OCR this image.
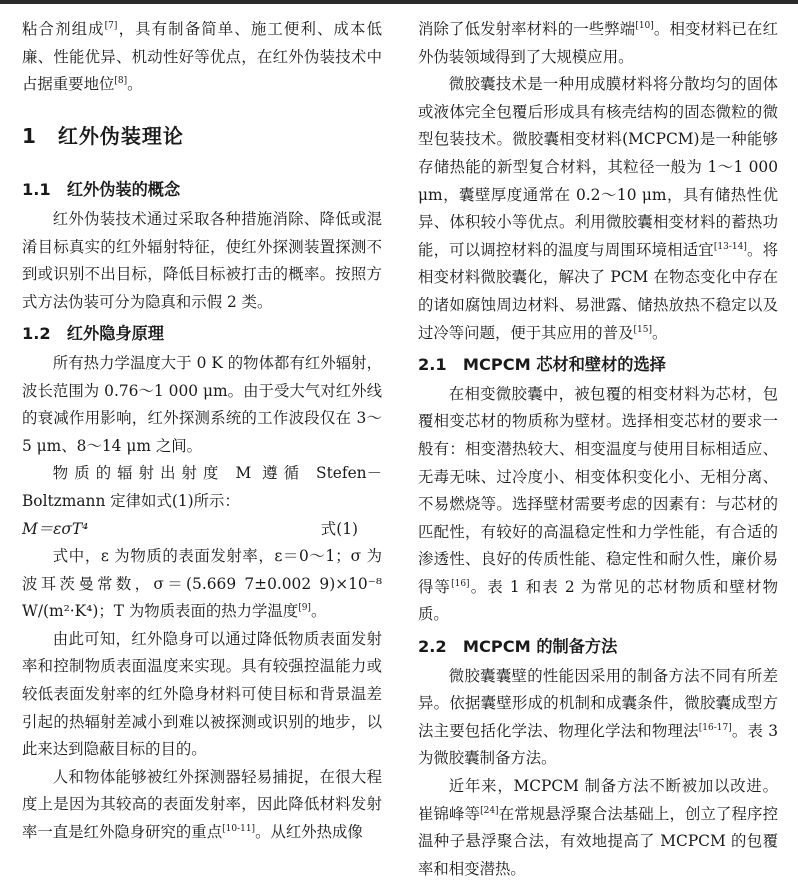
粘合剂组成[7]，具有制备简单、施工便利、成本低廉、性能优异、机动性好等优点，在红外伪装技术中占据重要地位[8]。

1　红外伪装理论
1.1　红外伪装的概念

红外伪装技术通过采取各种措施消除、降低或混淆目标真实的红外辐射特征，使红外探测装置探测不到或识别不出目标，降低目标被打击的概率。按照方式方法伪装可分为隐真和示假 2 类。

1.2　红外隐身原理

所有热力学温度大于 0 K 的物体都有红外辐射，波长范围为 0.76～1 000 μm。由于受大气对红外线的衰减作用影响，红外探测系统的工作波段仅在 3～5 μm、8～14 μm 之间。

物质的辐射出射度 M 遵循 Stefen－Boltzmann 定律如式(1)所示：

M＝εσT⁴	式(1)

式中，ε 为物质的表面发射率，ε＝0～1；σ 为波耳茨曼常数，σ＝(5.669 7±0.002 9)×10⁻⁸ W/(m²·K⁴)；T 为物质表面的热力学温度[9]。

由此可知，红外隐身可以通过降低物质表面发射率和控制物质表面温度来实现。具有较强控温能力或较低表面发射率的红外隐身材料可使目标和背景温差引起的热辐射差减小到难以被探测或识别的地步，以此来达到隐蔽目标的目的。

人和物体能够被红外探测器轻易捕捉，在很大程度上是因为其较高的表面发射率，因此降低材料发射率一直是红外隐身研究的重点[10-11]。从红外热成像

消除了低发射率材料的一些弊端[10]。相变材料已在红外伪装领域得到了大规模应用。

微胶囊技术是一种用成膜材料将分散均匀的固体或液体完全包覆后形成具有核壳结构的固态微粒的微型包装技术。微胶囊相变材料(MCPCM)是一种能够存储热能的新型复合材料，其粒径一般为 1～1 000 μm，囊壁厚度通常在 0.2～10 μm，具有储热性优异、体积较小等优点。利用微胶囊相变材料的蓄热功能，可以调控材料的温度与周围环境相适宜[13-14]。将相变材料微胶囊化，解决了 PCM 在物态变化中存在的诸如腐蚀周边材料、易泄露、储热放热不稳定以及过冷等问题，便于其应用的普及[15]。

2.1　MCPCM 芯材和壁材的选择

在相变微胶囊中，被包覆的相变材料为芯材，包覆相变芯材的物质称为壁材。选择相变芯材的要求一般有：相变潜热较大、相变温度与使用目标相适应、无毒无味、过冷度小、相变体积变化小、无相分离、不易燃烧等。选择壁材需要考虑的因素有：与芯材的匹配性，有较好的高温稳定性和力学性能，有合适的渗透性、良好的传质性能、稳定性和耐久性，廉价易得等[16]。表 1 和表 2 为常见的芯材物质和壁材物质。

2.2　MCPCM 的制备方法

微胶囊囊壁的性能因采用的制备方法不同有所差异。依据囊壁形成的机制和成囊条件，微胶囊成型方法主要包括化学法、物理化学法和物理法[16-17]。表 3 为微胶囊制备方法。

近年来，MCPCM 制备方法不断被加以改进。崔锦峰等[24]在常规悬浮聚合法基础上，创立了程序控温种子悬浮聚合法，有效地提高了 MCPCM 的包覆率和相变潜热。
